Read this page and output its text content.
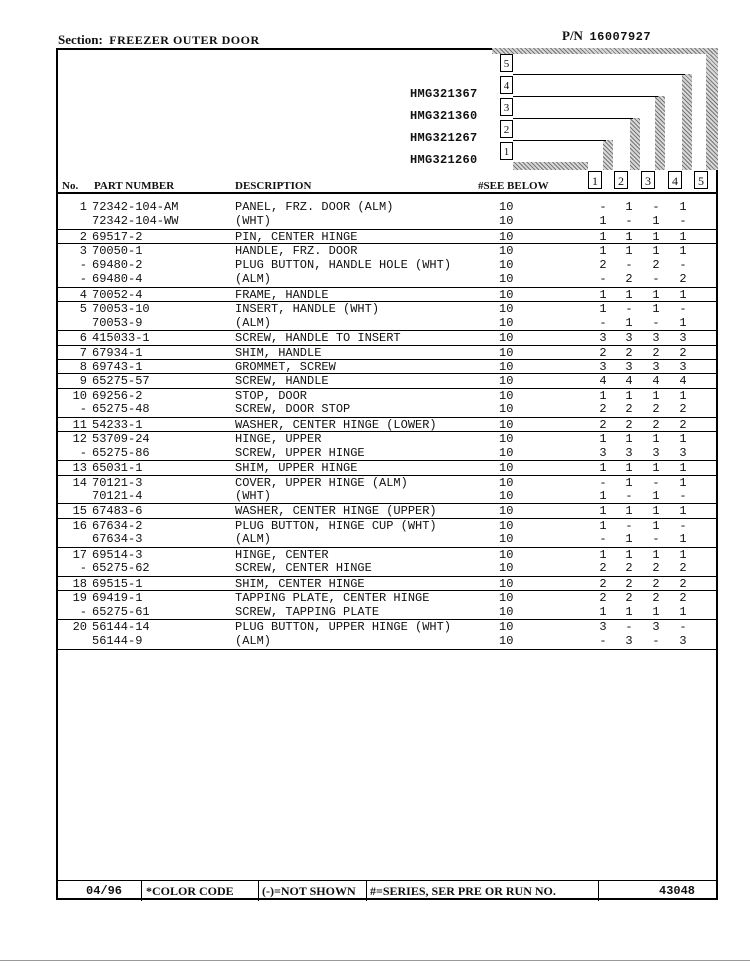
Section: FREEZER OUTER DOOR	P/N 16007927
5
4
3
2
1
HMG321367
HMG321360
HMG321267
HMG321260
No. PART NUMBER	DESCRIPTION	#SEE BELOW	1	2	3	4	5
1 72342-104-AM	PANEL, FRZ. DOOR (ALM)	10	- 1 - 1
72342-104-WW	(WHT)	10	1 - 1 -
2 69517-2	PIN, CENTER HINGE	10	1 1 1 1
3 70050-1	HANDLE, FRZ. DOOR	10	1 1 1 1
- 69480-2	PLUG BUTTON, HANDLE HOLE (WHT)	10	2 - 2 -
- 69480-4	(ALM)	10	- 2 - 2
4 70052-4	FRAME, HANDLE	10	1 1 1 1
5 70053-10	INSERT, HANDLE (WHT)	10	1 - 1 -
70053-9	(ALM)	10	- 1 - 1
6 415033-1	SCREW, HANDLE TO INSERT	10	3 3 3 3
7 67934-1	SHIM, HANDLE	10	2 2 2 2
8 69743-1	GROMMET, SCREW	10	3 3 3 3
9 65275-57	SCREW, HANDLE	10	4 4 4 4
10 69256-2	STOP, DOOR	10	1 1 1 1
- 65275-48	SCREW, DOOR STOP	10	2 2 2 2
11 54233-1	WASHER, CENTER HINGE (LOWER)	10	2 2 2 2
12 53709-24	HINGE, UPPER	10	1 1 1 1
- 65275-86	SCREW, UPPER HINGE	10	3 3 3 3
13 65031-1	SHIM, UPPER HINGE	10	1 1 1 1
14 70121-3	COVER, UPPER HINGE (ALM)	10	- 1 - 1
70121-4	(WHT)	10	1 - 1 -
15 67483-6	WASHER, CENTER HINGE (UPPER)	10	1 1 1 1
16 67634-2	PLUG BUTTON, HINGE CUP (WHT)	10	1 - 1 -
67634-3	(ALM)	10	- 1 - 1
17 69514-3	HINGE, CENTER	10	1 1 1 1
- 65275-62	SCREW, CENTER HINGE	10	2 2 2 2
18 69515-1	SHIM, CENTER HINGE	10	2 2 2 2
19 69419-1	TAPPING PLATE, CENTER HINGE	10	2 2 2 2
- 65275-61	SCREW, TAPPING PLATE	10	1 1 1 1
20 56144-14	PLUG BUTTON, UPPER HINGE (WHT)	10	3 - 3 -
56144-9	(ALM)	10	- 3 - 3
04/96 *COLOR CODE (-)=NOT SHOWN #=SERIES, SER PRE OR RUN NO.	43048
